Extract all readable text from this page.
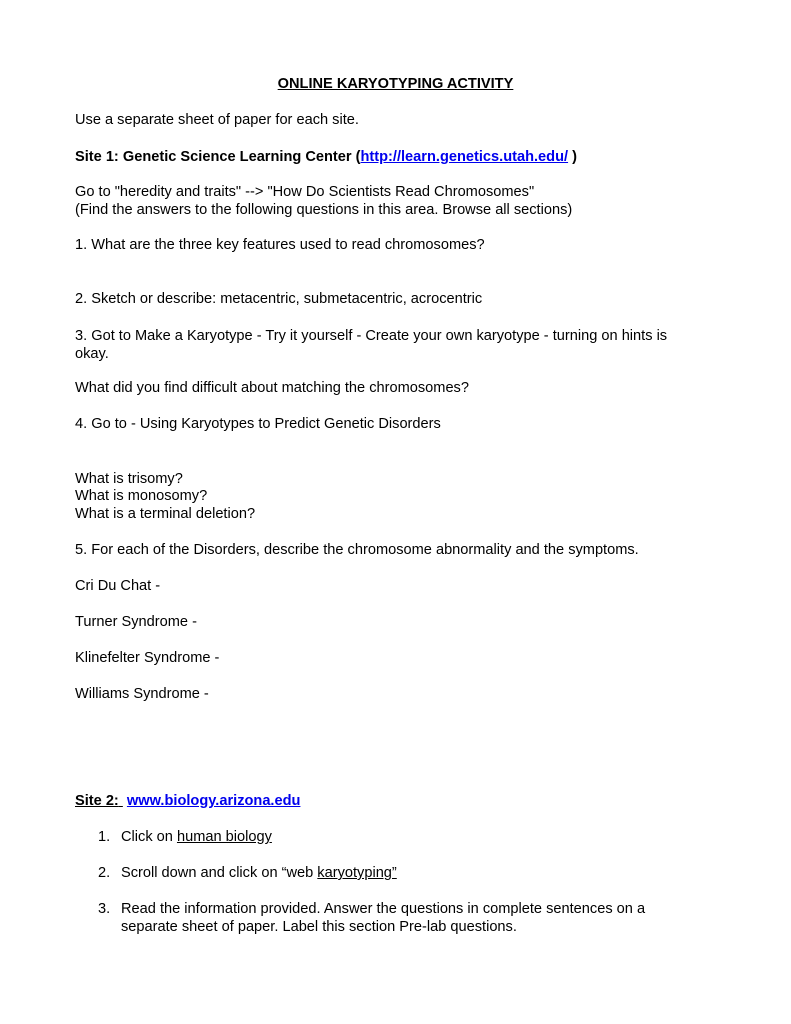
ONLINE KARYOTYPING ACTIVITY
Use a separate sheet of paper for each site.
Site 1: Genetic Science Learning Center (http://learn.genetics.utah.edu/ )
Go to "heredity and traits" --> "How Do Scientists Read Chromosomes"
(Find the answers to the following questions in this area. Browse all sections)
1. What are the three key features used to read chromosomes?
2. Sketch or describe: metacentric, submetacentric, acrocentric
3. Got to Make a Karyotype - Try it yourself - Create your own karyotype - turning on hints is
okay.
What did you find difficult about matching the chromosomes?
4. Go to - Using Karyotypes to Predict Genetic Disorders
What is trisomy?
What is monosomy?
What is a terminal deletion?
5. For each of the Disorders, describe the chromosome abnormality and the symptoms.
Cri Du Chat -
Turner Syndrome -
Klinefelter Syndrome -
Williams Syndrome -
Site 2: www.biology.arizona.edu
1. Click on human biology
2. Scroll down and click on “web karyotyping”
3. Read the information provided. Answer the questions in complete sentences on a
separate sheet of paper. Label this section Pre-lab questions.
